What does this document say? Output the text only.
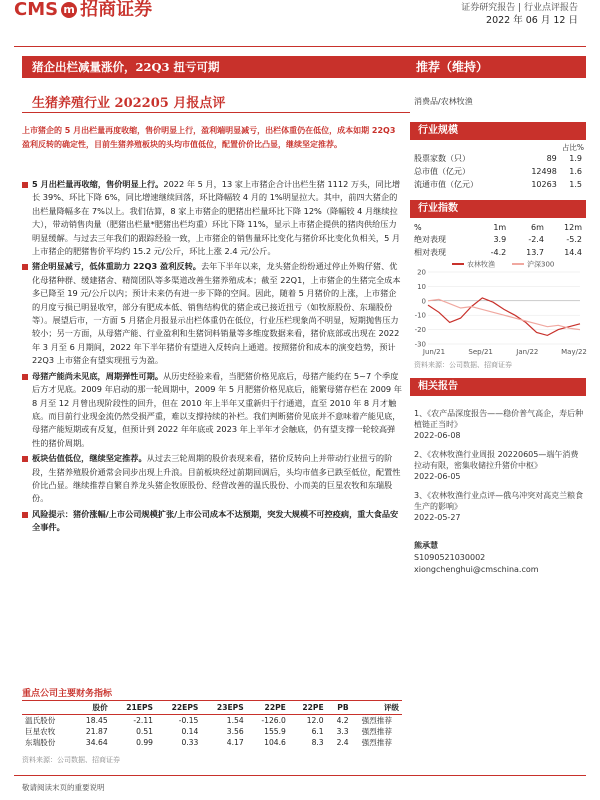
CMS m 招商证券	证券研究报告 | 行业点评报告
2022 年 06 月 12 日
猪企出栏减量涨价，22Q3 扭亏可期
生猪养殖行业 202205 月报点评
上市猪企的 5 月出栏量再度收缩，售价明显上行，盈利端明显减亏，出栏体重仍在低位，成本如期 22Q3 盈利反转的确定性，目前生猪养殖板块的头均市值低位，配置价价比凸显，继续坚定推荐。

5 月出栏量再收缩，售价明显上行。2022 年 5 月，13 家上市猪企合计出栏生猪 1112 万头，同比增长 39%、环比下降 6%，同比增速继续回落，环比降幅较 4 月的 1%明显拉大。其中，前四大猪企的出栏量降幅多在 7%以上。我们估算，8 家上市猪企的肥猪出栏量环比下降 12%（降幅较 4 月继续拉大），带动销售肉量（肥猪出栏量*肥猪出栏均重）环比下降 11%，显示上市猪企提供的猪肉供给压力明显缓解。与过去三年我们的跟踪经验一致，上市猪企的销售量环比变化与猪价环比变化负相关，5 月上市猪企的肥猪售价平均约 15.2 元/公斤，环比上涨 2.4 元/公斤。

猪企明显减亏，低体重助力 22Q3 盈利反转。去年下半年以来，龙头猪企纷纷通过停止外购仔猪、优化母猪种群、缓建猪舍、精简团队等多渠道改善生猪养殖成本；截至 22Q1，上市猪企的生猪完全成本多已降至 19 元/公斤以内；预计未来仍有进一步下降的空间。因此，随着 5 月猪价的上涨，上市猪企的月度亏损已明显收窄，部分有肥成本低、销售结构优的猪企或已接近扭亏（如牧原股份、东瑞股份等）。展望后市，一方面 5 月猪企月报显示出栏体重仍在低位，行业压栏现象尚不明显，短期抛售压力较小；另一方面，从母猪产能、行业盈利和生猪饲料销量等多维度数据来看，猪价底部或出现在 2022 年 3 月至 6 月期间，2022 年下半年猪价有望进入反转向上通道。按照猪价和成本的演变趋势，预计 22Q3 上市猪企有望实现扭亏为盈。

母猪产能尚未见底，周期弹性可期。从历史经验来看，当肥猪价格见底后，母猪产能约在 5~7 个季度后方才见底。2009 年启动的那一轮周期中，2009 年 5 月肥猪价格见底后，能繁母猪存栏在 2009 年 8 月至 12 月曾出现阶段性的回升，但在 2010 年上半年又重新归于行通道，直至 2010 年 8 月才触底。而目前行业现金流仍然受损严重，难以支撑持续的补栏。我们判断猪价见底并不意味着产能见底，母猪产能短期或有反复，但预计到 2022 年年底或 2023 年上半年才会触底，仍有望支撑一轮较高弹性的猪价周期。

板块估值低位，继续坚定推荐。从过去三轮周期的股价表现来看，猪价反转向上并带动行业扭亏的阶段，生猪养殖股价通常会同步出现上升浪。目前板块经过前期回调后，头均市值多已跌至低位，配置性价比凸显。继续推荐自繁自养龙头猪企牧原股份、经营改善的温氏股份、小而美的巨星农牧和东瑞股份。

风险提示：猪价涨幅/上市公司规模扩张/上市公司成本不达预期，突发大规模不可控疫病，重大食品安全事件。

推荐（维持）
消费品/农林牧渔
行业规模
占比%
股票家数（只）	89	1.9
总市值（亿元）	12498	1.6
流通市值（亿元）	10263	1.5
行业指数
%	1m	6m	12m
绝对表现	3.9	-2.4	-5.2
相对表现	-4.2	13.7	14.4
农林牧渔	沪深300
Jun/21	Sep/21	Jan/22	May/22
20
10
0
-10
-20
-30
资料来源：公司数据、招商证券
相关报告
1、《农产品深度报告——稳价普气高企，寿后种植链正当时》
2022-06-08
2、《农林牧渔行业周报 20220605—端午消费拉动有限，密集收储拉升猪价中枢》
2022-06-05
3、《农林牧渔行业点评—俄乌冲突对高克兰粮食生产的影响》
2022-05-27
熊承慧
S1090521030002
xiongchenghui@cmschina.com
重点公司主要财务指标
	股价	21EPS	22EPS	23EPS	22PE	22PE	PB	评级
温氏股份	18.45	-2.11	-0.15	1.54	-126.0	12.0	4.2	强烈推荐
巨星农牧	21.87	0.51	0.14	3.56	155.9	6.1	3.3	强烈推荐
东瑞股份	34.64	0.99	0.33	4.17	104.6	8.3	2.4	强烈推荐
资料来源：公司数据、招商证券
敬请阅读末页的重要说明
